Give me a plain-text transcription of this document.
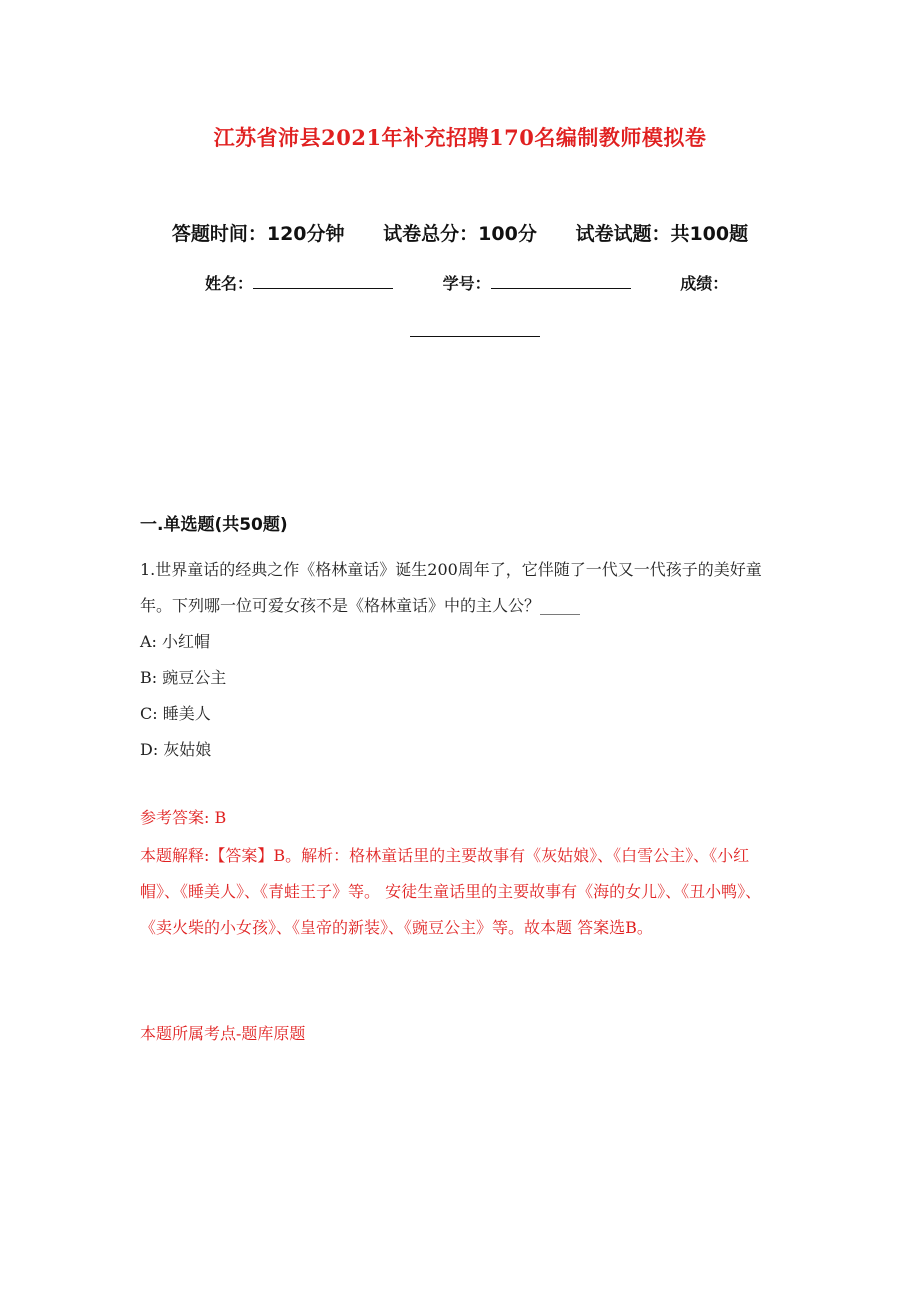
江苏省沛县2021年补充招聘170名编制教师模拟卷
答题时间：120分钟 试卷总分：100分 试卷试题：共100题
姓名：	学号：	成绩：
一.单选题(共50题)
1.世界童话的经典之作《格林童话》诞生200周年了，它伴随了一代又一代孩子的美好童年。下列哪一位可爱女孩不是《格林童话》中的主人公？_____
A: 小红帽
B: 豌豆公主
C: 睡美人
D: 灰姑娘
参考答案: B
本题解释:【答案】B。解析：格林童话里的主要故事有《灰姑娘》、《白雪公主》、《小红帽》、《睡美人》、《青蛙王子》等。 安徒生童话里的主要故事有《海的女儿》、《丑小鸭》、《卖火柴的小女孩》、《皇帝的新装》、《豌豆公主》等。故本题 答案选B。
本题所属考点-题库原题
